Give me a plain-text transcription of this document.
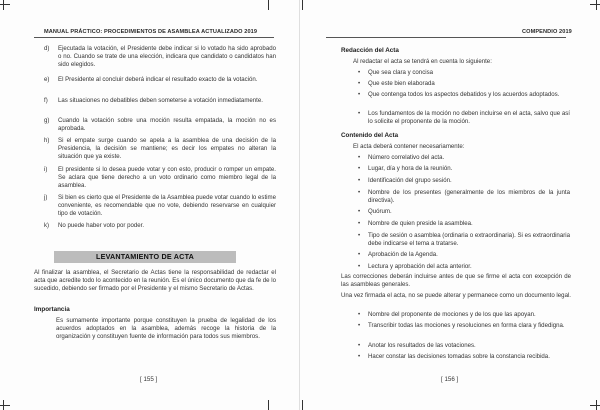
MANUAL PRÁCTICO: PROCEDIMIENTOS DE ASAMBLEA ACTUALIZADO 2019
d)	Ejecutada la votación, el Presidente debe indicar si lo votado ha sido aprobado o no. Cuando se trate de una elección, indicara que candidato o candidatos han sido elegidos.
e)	El Presidente al concluir deberá indicar el resultado exacto de la votación.
f)	Las situaciones no debatibles deben someterse a votación inmediatamente.
g)	Cuando la votación sobre una moción resulta empatada, la moción no es aprobada.
h)	Si el empate surge cuando se apela a la asamblea de una decisión de la Presidencia, la decisión se mantiene; es decir los empates no alteran la situación que ya existe.
i)	El presidente si lo desea puede votar y con esto, producir o romper un empate. Se aclara que tiene derecho a un voto ordinario como miembro legal de la asamblea.
j)	Si bien es cierto que el Presidente de la Asamblea puede votar cuando lo estime conveniente, es recomendable que no vote, debiendo reservarse en cualquier tipo de votación.
k)	No puede haber voto por poder.
LEVANTAMIENTO DE ACTA
Al finalizar la asamblea, el Secretario de Actas tiene la responsabilidad de redactar el acta que acredite todo lo acontecido en la reunión. Es el único documento que da fe de lo sucedido, debiendo ser firmado por el Presidente y el mismo Secretario de Actas.
Importancia
Es sumamente importante porque constituyen la prueba de legalidad de los acuerdos adoptados en la asamblea, además recoge la historia de la organización y constituyen fuente de información para todos sus miembros.
[ 155 ]
COMPENDIO 2019
Redacción del Acta
Al redactar el acta se tendrá en cuenta lo siguiente:
•	Que sea clara y concisa
•	Que este bien elaborada
•	Que contenga todos los aspectos debatidos y los acuerdos adoptados.
•	Los fundamentos de la moción no deben incluirse en el acta, salvo que así lo solicite el proponente de la moción.
Contenido del Acta
El acta deberá contener necesariamente:
•	Número correlativo del acta.
•	Lugar, día y hora de la reunión.
•	Identificación del grupo sesión.
•	Nombre de los presentes (generalmente de los miembros de la junta directiva).
•	Quórum.
•	Nombre de quien preside la asamblea.
•	Tipo de sesión o asamblea (ordinaria o extraordinaria). Si es extraordinaria debe indicarse el tema a tratarse.
•	Aprobación de la Agenda.
•	Lectura y aprobación del acta anterior.
Las correcciones deberán incluirse antes de que se firme el acta con excepción de las asambleas generales.
Una vez firmada el acta, no se puede alterar y permanece como un documento legal.
•	Nombre del proponente de mociones y de los que las apoyan.
•	Transcribir todas las mociones y resoluciones en forma clara y fidedigna.
•	Anotar los resultados de las votaciones.
•	Hacer constar las decisiones tomadas sobre la constancia recibida.
[ 156 ]
